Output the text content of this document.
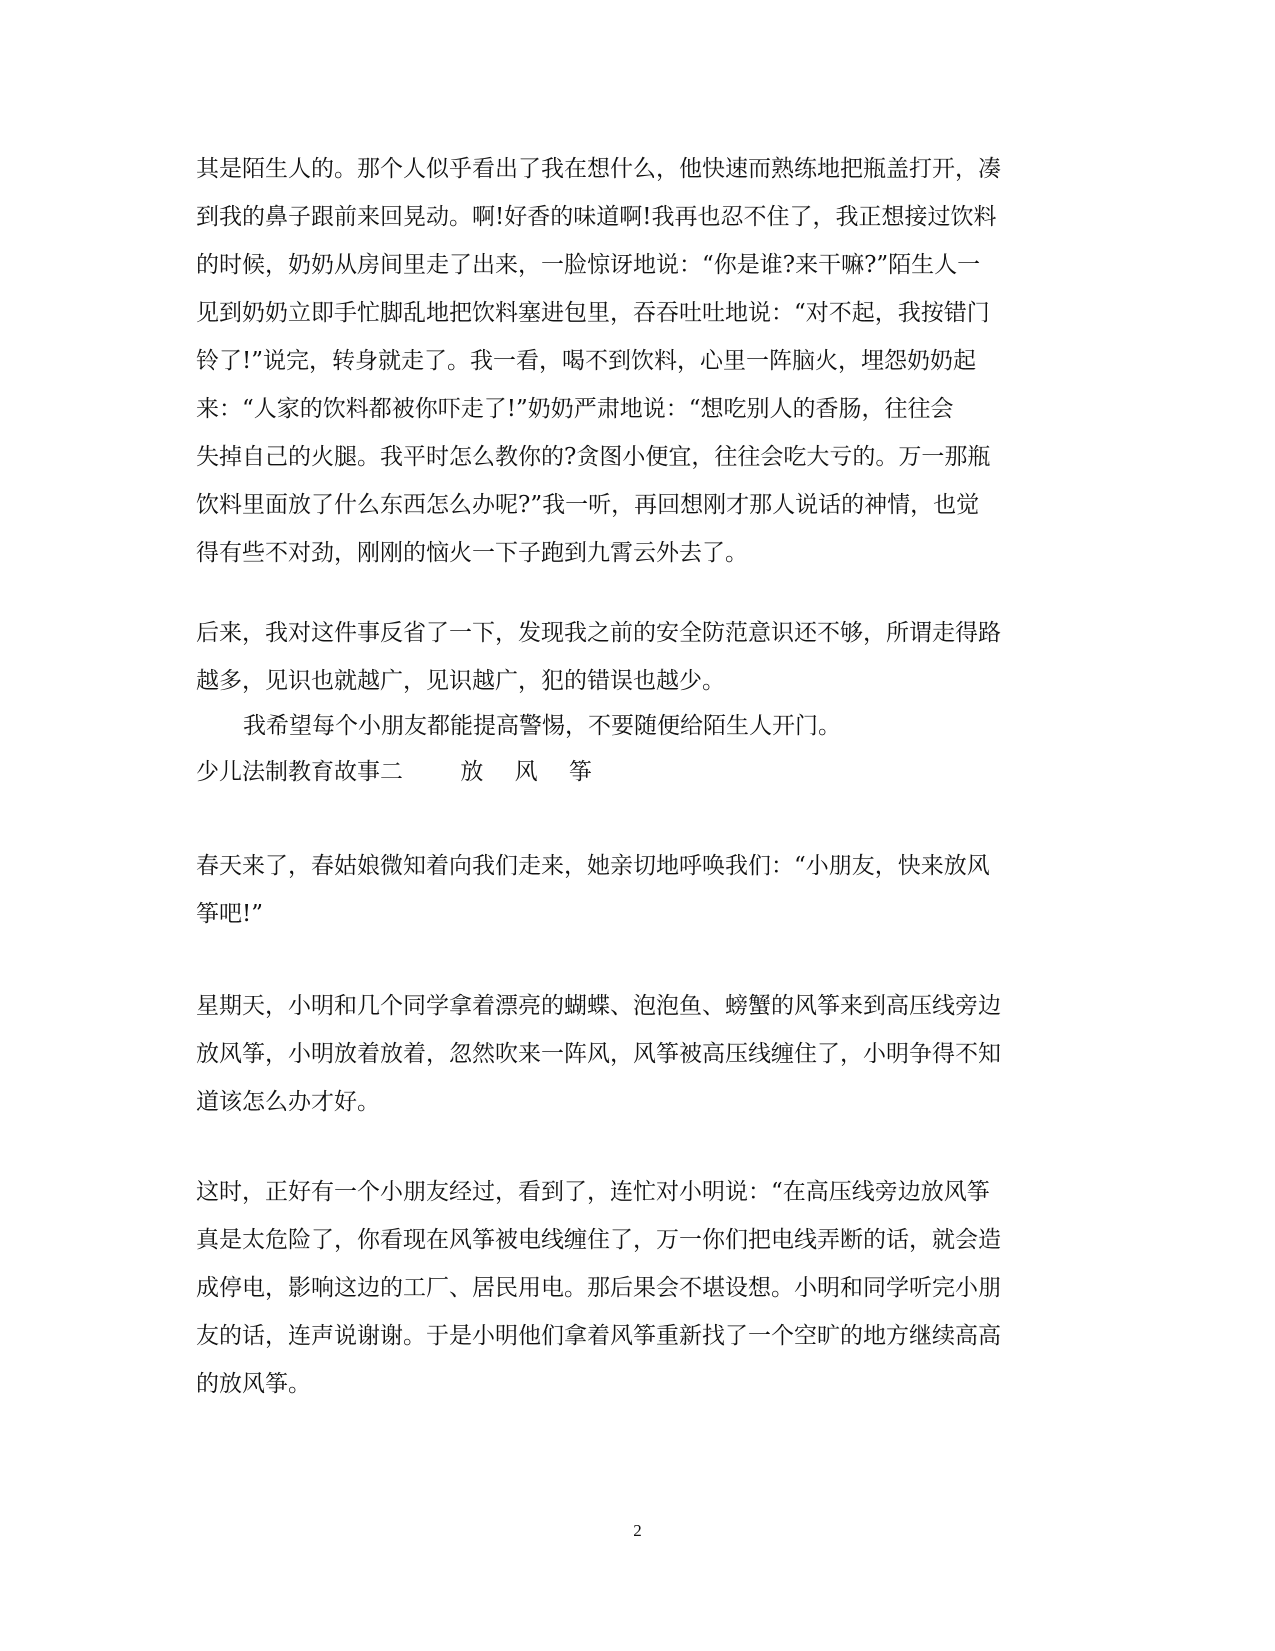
其是陌生人的。那个人似乎看出了我在想什么，他快速而熟练地把瓶盖打开，凑
到我的鼻子跟前来回晃动。啊!好香的味道啊!我再也忍不住了，我正想接过饮料
的时候，奶奶从房间里走了出来，一脸惊讶地说：“你是谁?来干嘛?”陌生人一
见到奶奶立即手忙脚乱地把饮料塞进包里，吞吞吐吐地说：“对不起，我按错门
铃了!”说完，转身就走了。我一看，喝不到饮料，心里一阵脑火，埋怨奶奶起
来：“人家的饮料都被你吓走了!”奶奶严肃地说：“想吃别人的香肠，往往会
失掉自己的火腿。我平时怎么教你的?贪图小便宜，往往会吃大亏的。万一那瓶
饮料里面放了什么东西怎么办呢?”我一听，再回想刚才那人说话的神情，也觉
得有些不对劲，刚刚的恼火一下子跑到九霄云外去了。
后来，我对这件事反省了一下，发现我之前的安全防范意识还不够，所谓走得路
越多，见识也就越广，见识越广，犯的错误也越少。
我希望每个小朋友都能提高警惕，不要随便给陌生人开门。
少儿法制教育故事二 放 风 筝
春天来了，春姑娘微知着向我们走来，她亲切地呼唤我们：“小朋友，快来放风
筝吧!”
星期天，小明和几个同学拿着漂亮的蝴蝶、泡泡鱼、螃蟹的风筝来到高压线旁边
放风筝，小明放着放着，忽然吹来一阵风，风筝被高压线缠住了，小明争得不知
道该怎么办才好。
这时，正好有一个小朋友经过，看到了，连忙对小明说：“在高压线旁边放风筝
真是太危险了，你看现在风筝被电线缠住了，万一你们把电线弄断的话，就会造
成停电，影响这边的工厂、居民用电。那后果会不堪设想。小明和同学听完小朋
友的话，连声说谢谢。于是小明他们拿着风筝重新找了一个空旷的地方继续高高
的放风筝。
2
